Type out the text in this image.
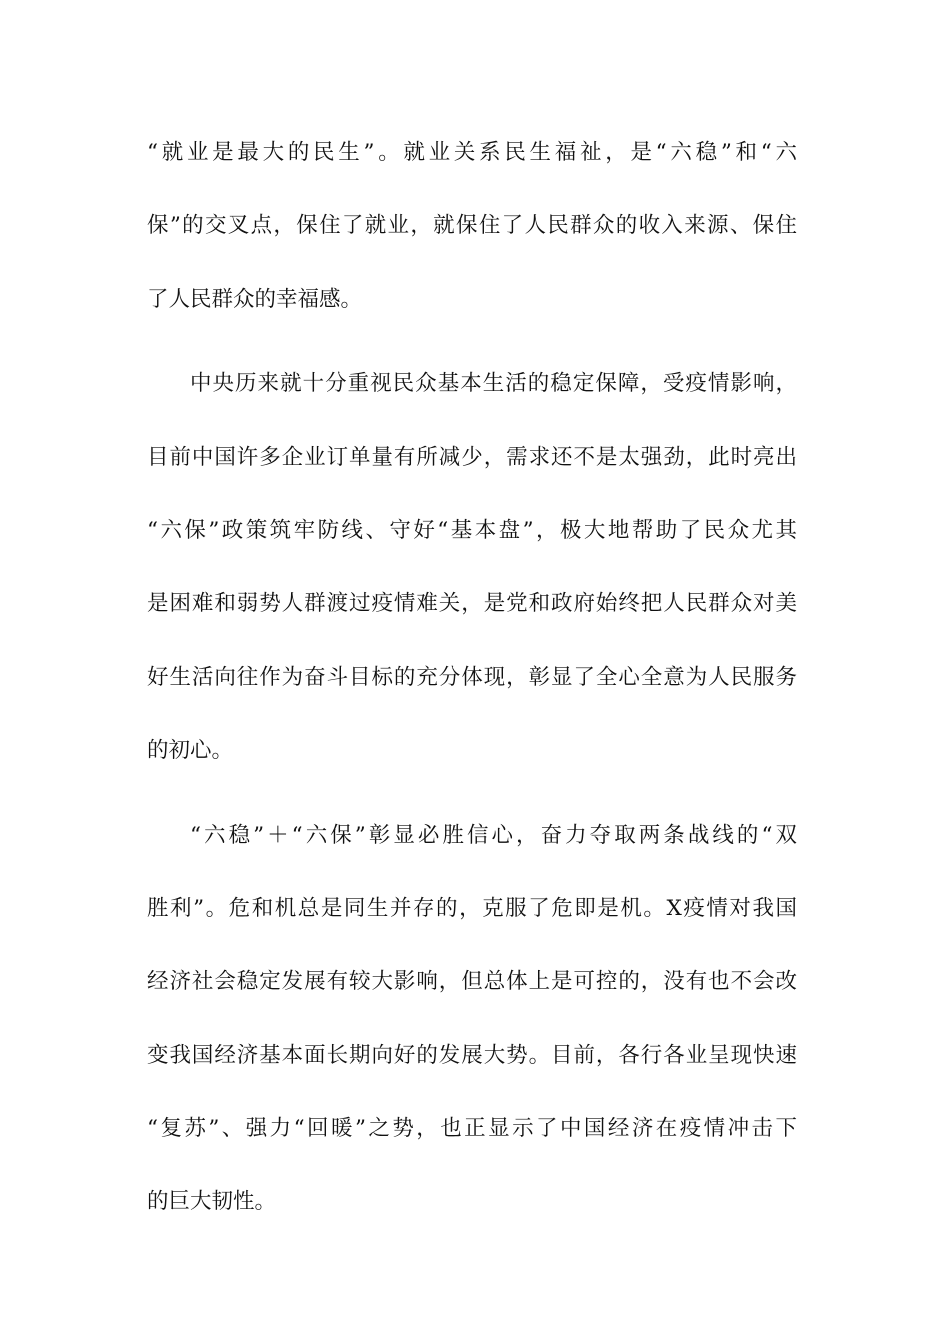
“就业是最大的民生”。就业关系民生福祉，是“六稳”和“六
保”的交叉点，保住了就业，就保住了人民群众的收入来源、保住
了人民群众的幸福感。
中央历来就十分重视民众基本生活的稳定保障，受疫情影响，
目前中国许多企业订单量有所减少，需求还不是太强劲，此时亮出
“六保”政策筑牢防线、守好“基本盘”，极大地帮助了民众尤其
是困难和弱势人群渡过疫情难关，是党和政府始终把人民群众对美
好生活向往作为奋斗目标的充分体现，彰显了全心全意为人民服务
的初心。
“六稳”＋“六保”彰显必胜信心，奋力夺取两条战线的“双
胜利”。危和机总是同生并存的，克服了危即是机。X疫情对我国
经济社会稳定发展有较大影响，但总体上是可控的，没有也不会改
变我国经济基本面长期向好的发展大势。目前，各行各业呈现快速
“复苏”、强力“回暖”之势，也正显示了中国经济在疫情冲击下
的巨大韧性。
